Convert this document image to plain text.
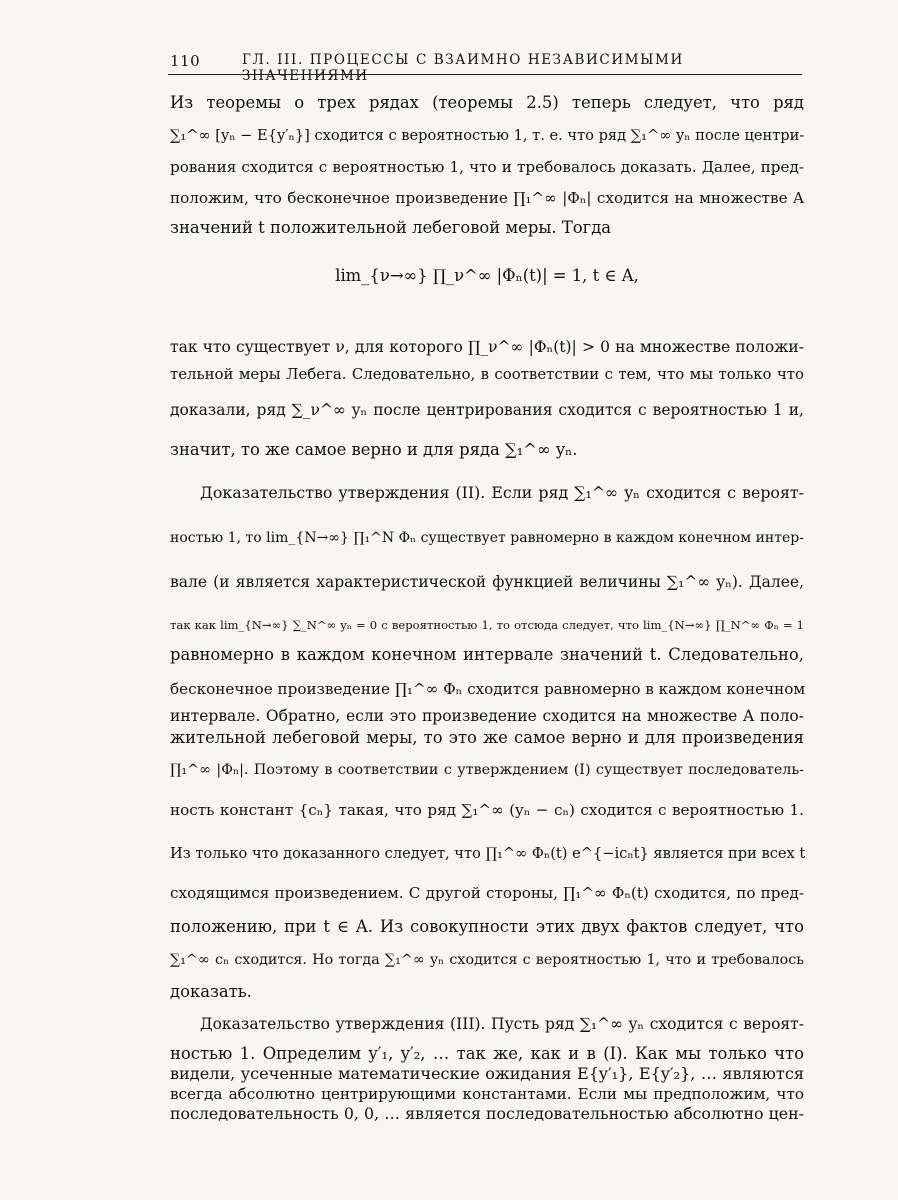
110	ГЛ. III. ПРОЦЕССЫ С ВЗАИМНО НЕЗАВИСИМЫМИ ЗНАЧЕНИЯМИ
Из теоремы о трех рядах (теоремы 2.5) теперь следует, что ряд
∑₁^∞ [yₙ − E{y′ₙ}] сходится с вероятностью 1, т. е. что ряд ∑₁^∞ yₙ после центри-
рования сходится с вероятностью 1, что и требовалось доказать. Далее, пред-
положим, что бесконечное произведение ∏₁^∞ |Φₙ| сходится на множестве A
значений t положительной лебеговой меры. Тогда
lim_{ν→∞} ∏_ν^∞ |Φₙ(t)| = 1, t ∈ A,
так что существует ν, для которого ∏_ν^∞ |Φₙ(t)| > 0 на множестве положи-
тельной меры Лебега. Следовательно, в соответствии с тем, что мы только что
доказали, ряд ∑_ν^∞ yₙ после центрирования сходится с вероятностью 1 и,
значит, то же самое верно и для ряда ∑₁^∞ yₙ.
Доказательство утверждения (II). Если ряд ∑₁^∞ yₙ сходится с вероят-
ностью 1, то lim_{N→∞} ∏₁^N Φₙ существует равномерно в каждом конечном интер-
вале (и является характеристической функцией величины ∑₁^∞ yₙ). Далее,
так как lim_{N→∞} ∑_N^∞ yₙ = 0 с вероятностью 1, то отсюда следует, что lim_{N→∞} ∏_N^∞ Φₙ = 1
равномерно в каждом конечном интервале значений t. Следовательно,
бесконечное произведение ∏₁^∞ Φₙ сходится равномерно в каждом конечном
интервале. Обратно, если это произведение сходится на множестве A поло-
жительной лебеговой меры, то это же самое верно и для произведения
∏₁^∞ |Φₙ|. Поэтому в соответствии с утверждением (I) существует последователь-
ность констант {cₙ} такая, что ряд ∑₁^∞ (yₙ − cₙ) сходится с вероятностью 1.
Из только что доказанного следует, что ∏₁^∞ Φₙ(t) e^{−icₙt} является при всех t
сходящимся произведением. С другой стороны, ∏₁^∞ Φₙ(t) сходится, по пред-
положению, при t ∈ A. Из совокупности этих двух фактов следует, что
∑₁^∞ cₙ сходится. Но тогда ∑₁^∞ yₙ сходится с вероятностью 1, что и требовалось
доказать.
Доказательство утверждения (III). Пусть ряд ∑₁^∞ yₙ сходится с вероят-
ностью 1. Определим y′₁, y′₂, … так же, как и в (I). Как мы только что
видели, усеченные математические ожидания E{y′₁}, E{y′₂}, … являются
всегда абсолютно центрирующими константами. Если мы предположим, что
последовательность 0, 0, … является последовательностью абсолютно цен-
